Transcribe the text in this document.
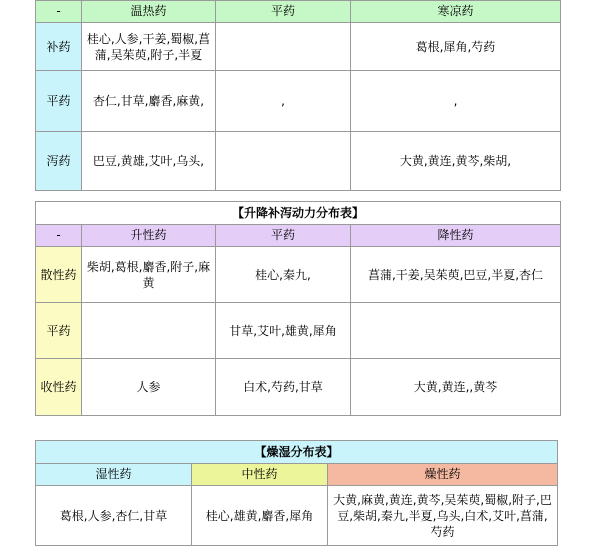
-	温热药	平药	寒凉药
补药	桂心,人参,干姜,蜀椒,菖蒲,吴茱萸,附子,半夏		葛根,犀角,芍药
平药	杏仁,甘草,麝香,麻黄,	,	,
泻药	巴豆,黄雄,艾叶,乌头,		大黄,黄连,黄芩,柴胡,
【升降补泻动力分布表】			
-	升性药	平药	降性药
散性药	柴胡,葛根,麝香,附子,麻黄	桂心,秦九,	菖蒲,干姜,吴茱萸,巴豆,半夏,杏仁
平药		甘草,艾叶,雄黄,犀角	
收性药	人参	白术,芍药,甘草	大黄,黄连,,黄芩
【燥湿分布表】		
湿性药	中性药	燥性药
葛根,人参,杏仁,甘草	桂心,雄黄,麝香,犀角	大黄,麻黄,黄连,黄芩,吴茱萸,蜀椒,附子,巴豆,柴胡,秦九,半夏,乌头,白术,艾叶,菖蒲,芍药
